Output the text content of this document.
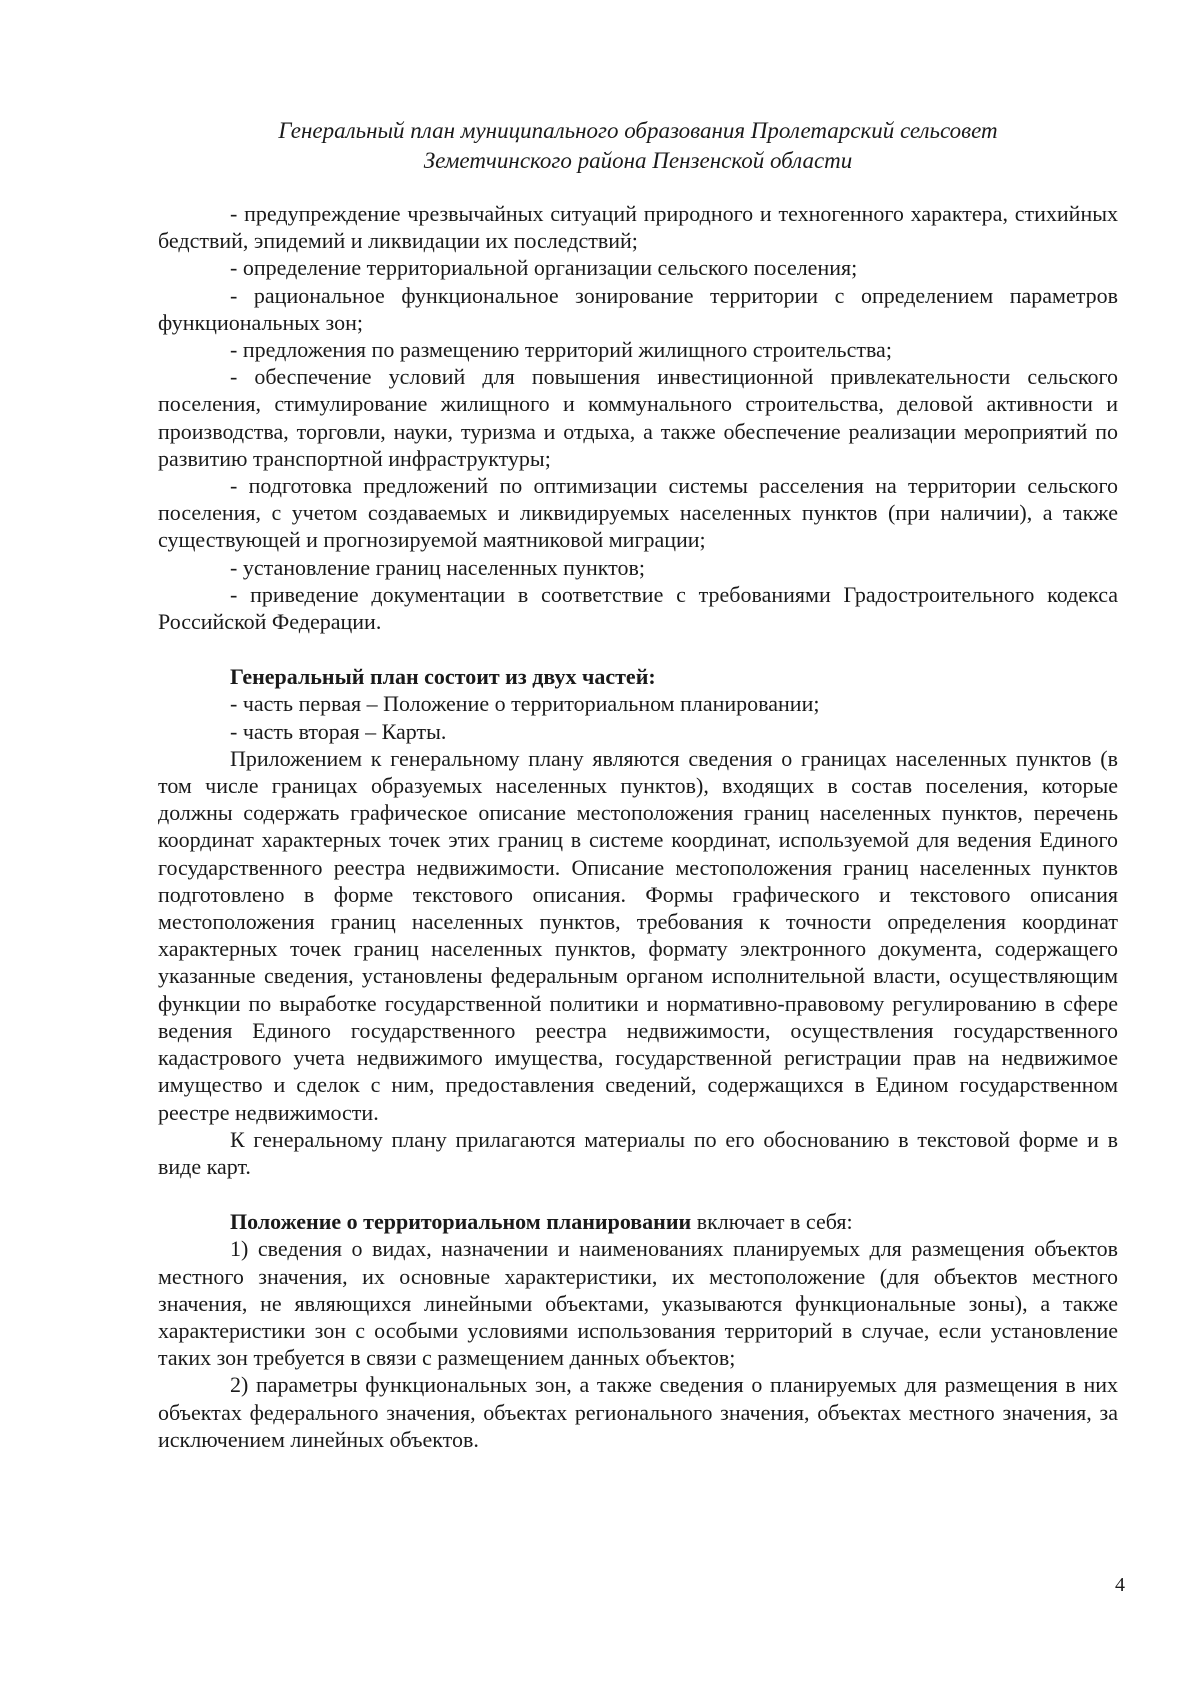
Генеральный план муниципального образования Пролетарский сельсовет
Земетчинского района Пензенской области

- предупреждение чрезвычайных ситуаций природного и техногенного характера, стихийных бедствий, эпидемий и ликвидации их последствий;

- определение территориальной организации сельского поселения;

- рациональное функциональное зонирование территории с определением параметров функциональных зон;

- предложения по размещению территорий жилищного строительства;

- обеспечение условий для повышения инвестиционной привлекательности сельского поселения, стимулирование жилищного и коммунального строительства, деловой активности и производства, торговли, науки, туризма и отдыха, а также обеспечение реализации мероприятий по развитию транспортной инфраструктуры;

- подготовка предложений по оптимизации системы расселения на территории сельского поселения, с учетом создаваемых и ликвидируемых населенных пунктов (при наличии), а также существующей и прогнозируемой маятниковой миграции;

- установление границ населенных пунктов;

- приведение документации в соответствие с требованиями Градостроительного кодекса Российской Федерации.

Генеральный план состоит из двух частей:

- часть первая – Положение о территориальном планировании;

- часть вторая – Карты.

Приложением к генеральному плану являются сведения о границах населенных пунктов (в том числе границах образуемых населенных пунктов), входящих в состав поселения, которые должны содержать графическое описание местоположения границ населенных пунктов, перечень координат характерных точек этих границ в системе координат, используемой для ведения Единого государственного реестра недвижимости. Описание местоположения границ населенных пунктов подготовлено в форме текстового описания. Формы графического и текстового описания местоположения границ населенных пунктов, требования к точности определения координат характерных точек границ населенных пунктов, формату электронного документа, содержащего указанные сведения, установлены федеральным органом исполнительной власти, осуществляющим функции по выработке государственной политики и нормативно-правовому регулированию в сфере ведения Единого государственного реестра недвижимости, осуществления государственного кадастрового учета недвижимого имущества, государственной регистрации прав на недвижимое имущество и сделок с ним, предоставления сведений, содержащихся в Едином государственном реестре недвижимости.

К генеральному плану прилагаются материалы по его обоснованию в текстовой форме и в виде карт.

Положение о территориальном планировании включает в себя:

1) сведения о видах, назначении и наименованиях планируемых для размещения объектов местного значения, их основные характеристики, их местоположение (для объектов местного значения, не являющихся линейными объектами, указываются функциональные зоны), а также характеристики зон с особыми условиями использования территорий в случае, если установление таких зон требуется в связи с размещением данных объектов;

2) параметры функциональных зон, а также сведения о планируемых для размещения в них объектах федерального значения, объектах регионального значения, объектах местного значения, за исключением линейных объектов.

4
